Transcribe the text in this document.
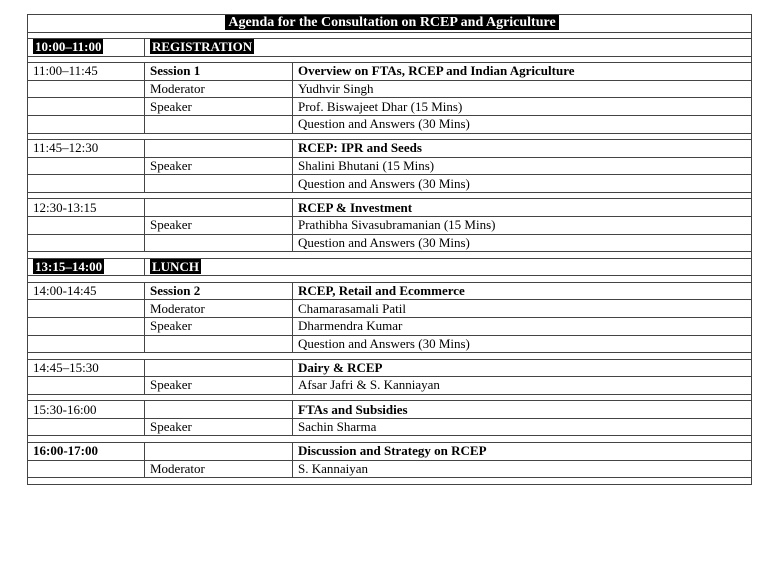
Agenda for the Consultation on RCEP and Agriculture		

10:00–11:00	REGISTRATION	

11:00–11:45	Session 1	Overview on FTAs, RCEP and Indian Agriculture
	Moderator	Yudhvir Singh
	Speaker	Prof. Biswajeet Dhar (15 Mins)
		Question and Answers (30 Mins)

11:45–12:30		RCEP: IPR and Seeds
	Speaker	Shalini Bhutani (15 Mins)
		Question and Answers (30 Mins)

12:30-13:15		RCEP & Investment
	Speaker	Prathibha Sivasubramanian (15 Mins)
		Question and Answers (30 Mins)

13:15–14:00	LUNCH	

14:00-14:45	Session 2	RCEP, Retail and Ecommerce
	Moderator	Chamarasamali Patil
	Speaker	Dharmendra Kumar
		Question and Answers (30 Mins)

14:45–15:30		Dairy & RCEP
	Speaker	Afsar Jafri & S. Kanniayan

15:30-16:00		FTAs and Subsidies
	Speaker	Sachin Sharma

16:00-17:00		Discussion and Strategy on RCEP
	Moderator	S. Kannaiyan
